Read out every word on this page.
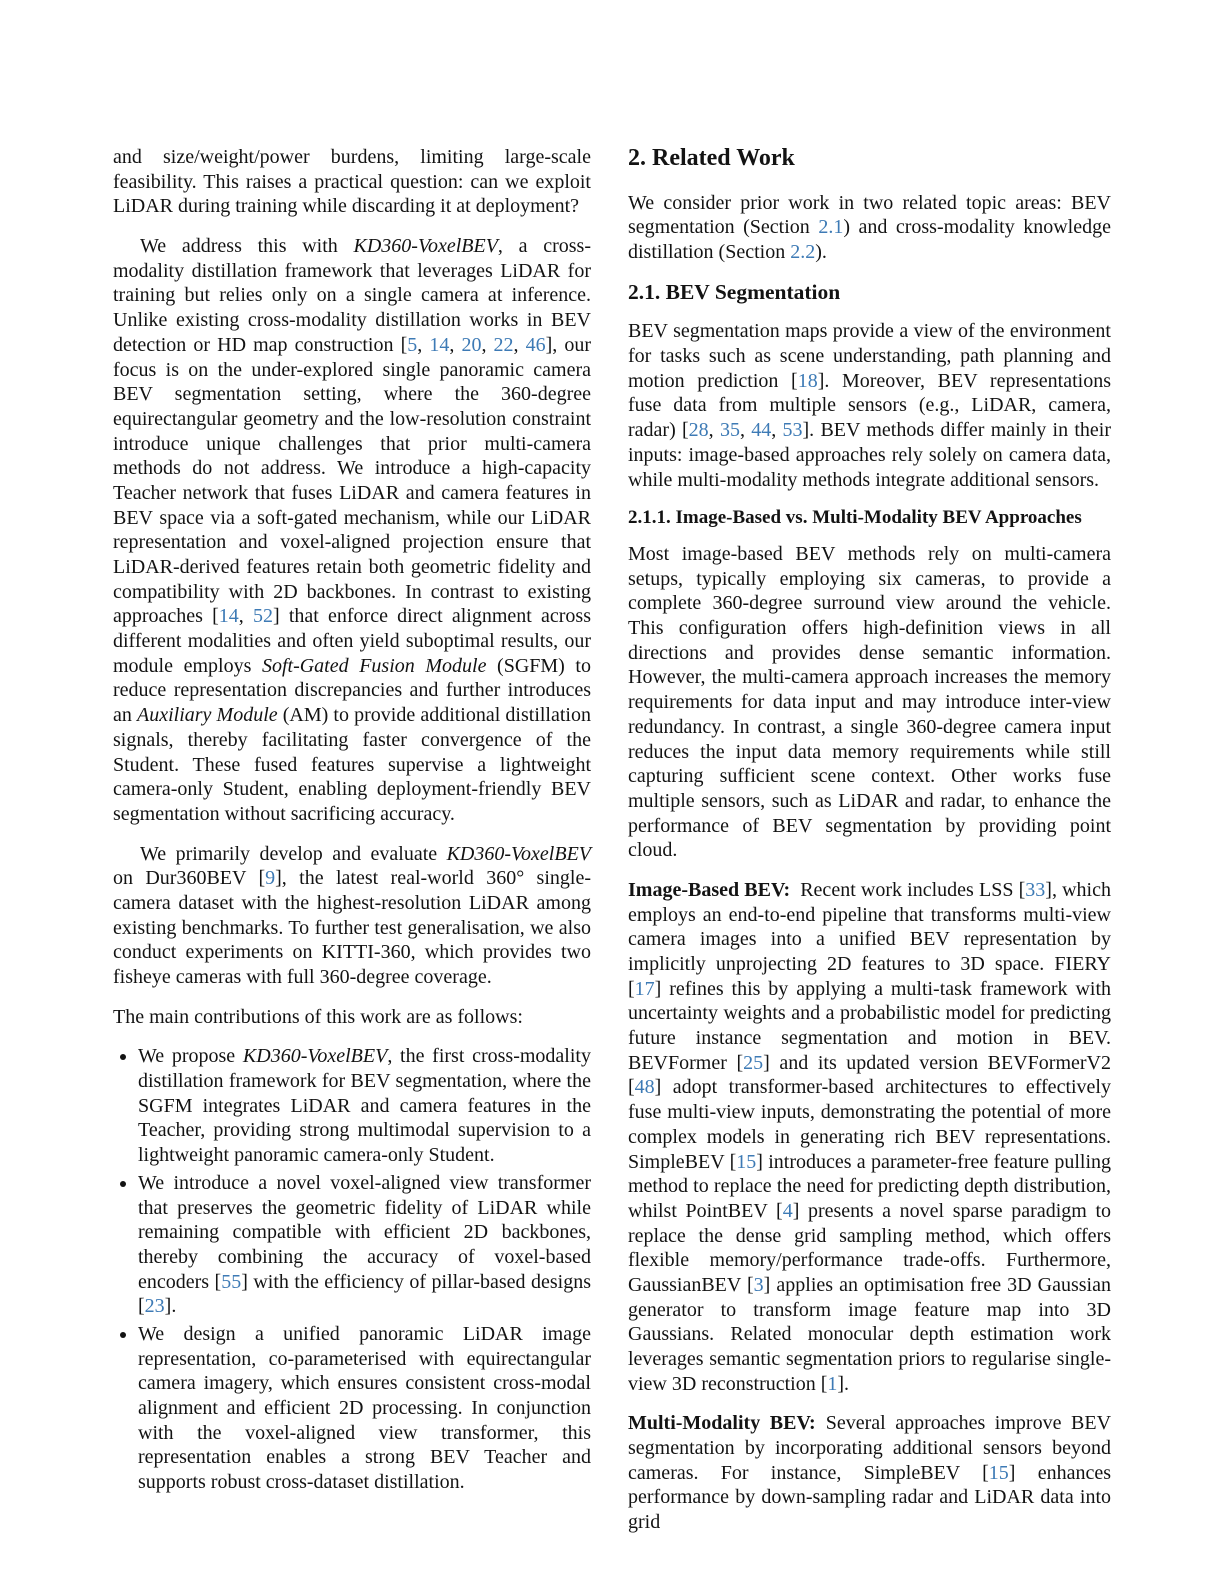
and size/weight/power burdens, limiting large-scale feasibility. This raises a practical question: can we exploit LiDAR during training while discarding it at deployment?

We address this with KD360-VoxelBEV, a cross-modality distillation framework that leverages LiDAR for training but relies only on a single camera at inference. Unlike existing cross-modality distillation works in BEV detection or HD map construction [5, 14, 20, 22, 46], our focus is on the under-explored single panoramic camera BEV segmentation setting, where the 360-degree equirectangular geometry and the low-resolution constraint introduce unique challenges that prior multi-camera methods do not address. We introduce a high-capacity Teacher network that fuses LiDAR and camera features in BEV space via a soft-gated mechanism, while our LiDAR representation and voxel-aligned projection ensure that LiDAR-derived features retain both geometric fidelity and compatibility with 2D backbones. In contrast to existing approaches [14, 52] that enforce direct alignment across different modalities and often yield suboptimal results, our module employs Soft-Gated Fusion Module (SGFM) to reduce representation discrepancies and further introduces an Auxiliary Module (AM) to provide additional distillation signals, thereby facilitating faster convergence of the Student. These fused features supervise a lightweight camera-only Student, enabling deployment-friendly BEV segmentation without sacrificing accuracy.

We primarily develop and evaluate KD360-VoxelBEV on Dur360BEV [9], the latest real-world 360° single-camera dataset with the highest-resolution LiDAR among existing benchmarks. To further test generalisation, we also conduct experiments on KITTI-360, which provides two fisheye cameras with full 360-degree coverage.

The main contributions of this work are as follows:

• We propose KD360-VoxelBEV, the first cross-modality distillation framework for BEV segmentation, where the SGFM integrates LiDAR and camera features in the Teacher, providing strong multimodal supervision to a lightweight panoramic camera-only Student.
• We introduce a novel voxel-aligned view transformer that preserves the geometric fidelity of LiDAR while remaining compatible with efficient 2D backbones, thereby combining the accuracy of voxel-based encoders [55] with the efficiency of pillar-based designs [23].
• We design a unified panoramic LiDAR image representation, co-parameterised with equirectangular camera imagery, which ensures consistent cross-modal alignment and efficient 2D processing. In conjunction with the voxel-aligned view transformer, this representation enables a strong BEV Teacher and supports robust cross-dataset distillation.
2. Related Work

We consider prior work in two related topic areas: BEV segmentation (Section 2.1) and cross-modality knowledge distillation (Section 2.2).

2.1. BEV Segmentation

BEV segmentation maps provide a view of the environment for tasks such as scene understanding, path planning and motion prediction [18]. Moreover, BEV representations fuse data from multiple sensors (e.g., LiDAR, camera, radar) [28, 35, 44, 53]. BEV methods differ mainly in their inputs: image-based approaches rely solely on camera data, while multi-modality methods integrate additional sensors.

2.1.1. Image-Based vs. Multi-Modality BEV Approaches

Most image-based BEV methods rely on multi-camera setups, typically employing six cameras, to provide a complete 360-degree surround view around the vehicle. This configuration offers high-definition views in all directions and provides dense semantic information. However, the multi-camera approach increases the memory requirements for data input and may introduce inter-view redundancy. In contrast, a single 360-degree camera input reduces the input data memory requirements while still capturing sufficient scene context. Other works fuse multiple sensors, such as LiDAR and radar, to enhance the performance of BEV segmentation by providing point cloud.

Image-Based BEV: Recent work includes LSS [33], which employs an end-to-end pipeline that transforms multi-view camera images into a unified BEV representation by implicitly unprojecting 2D features to 3D space. FIERY [17] refines this by applying a multi-task framework with uncertainty weights and a probabilistic model for predicting future instance segmentation and motion in BEV. BEVFormer [25] and its updated version BEVFormerV2 [48] adopt transformer-based architectures to effectively fuse multi-view inputs, demonstrating the potential of more complex models in generating rich BEV representations. SimpleBEV [15] introduces a parameter-free feature pulling method to replace the need for predicting depth distribution, whilst PointBEV [4] presents a novel sparse paradigm to replace the dense grid sampling method, which offers flexible memory/performance trade-offs. Furthermore, GaussianBEV [3] applies an optimisation free 3D Gaussian generator to transform image feature map into 3D Gaussians. Related monocular depth estimation work leverages semantic segmentation priors to regularise single-view 3D reconstruction [1].

Multi-Modality BEV: Several approaches improve BEV segmentation by incorporating additional sensors beyond cameras. For instance, SimpleBEV [15] enhances performance by down-sampling radar and LiDAR data into grid
